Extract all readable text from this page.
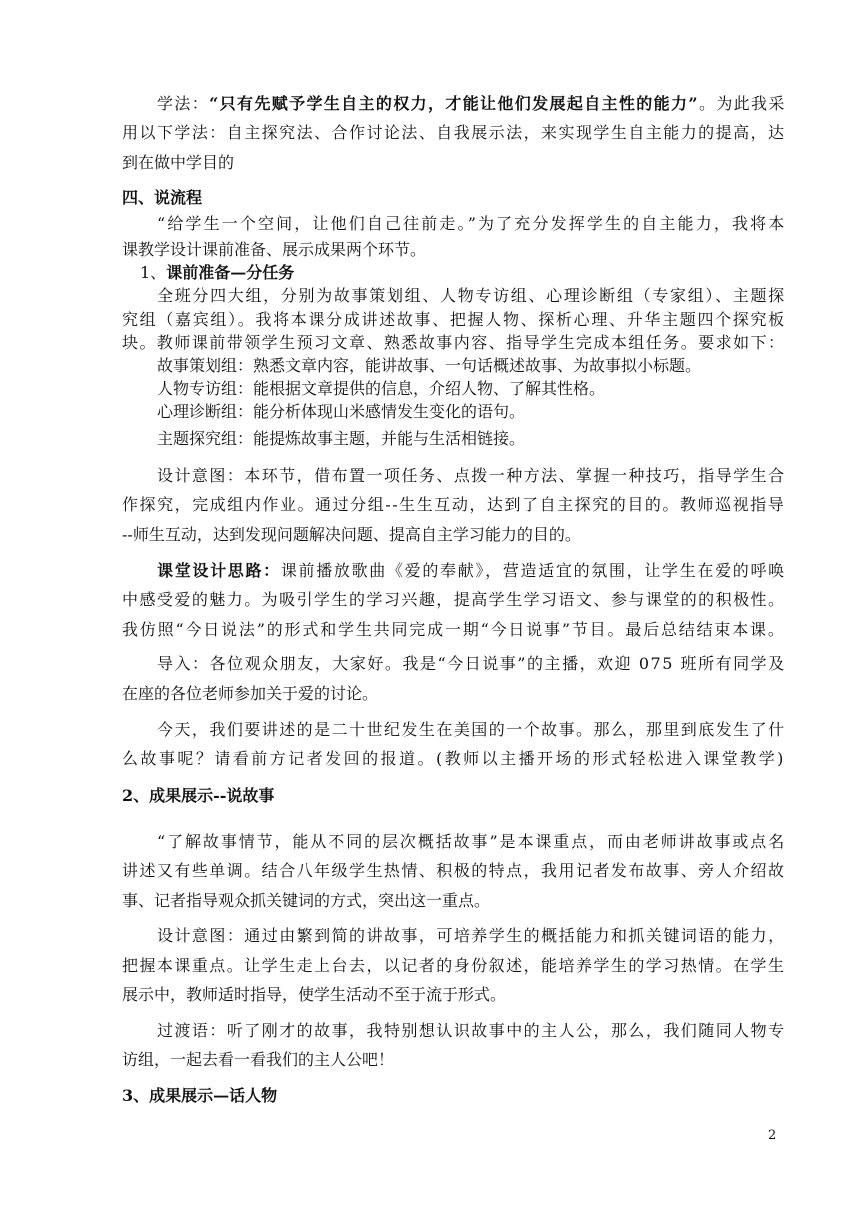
学法：“只有先赋予学生自主的权力，才能让他们发展起自主性的能力”。为此我采
用以下学法：自主探究法、合作讨论法、自我展示法，来实现学生自主能力的提高，达
到在做中学目的
四、说流程
“给学生一个空间，让他们自己往前走。”为了充分发挥学生的自主能力，我将本
课教学设计课前准备、展示成果两个环节。
1、课前准备—分任务
全班分四大组，分别为故事策划组、人物专访组、心理诊断组（专家组）、主题探
究组（嘉宾组）。我将本课分成讲述故事、把握人物、探析心理、升华主题四个探究板
块。教师课前带领学生预习文章、熟悉故事内容、指导学生完成本组任务。要求如下：
故事策划组：熟悉文章内容，能讲故事、一句话概述故事、为故事拟小标题。
人物专访组：能根据文章提供的信息，介绍人物、了解其性格。
心理诊断组：能分析体现山米感情发生变化的语句。
主题探究组：能提炼故事主题，并能与生活相链接。
设计意图：本环节，借布置一项任务、点拨一种方法、掌握一种技巧，指导学生合
作探究，完成组内作业。通过分组--生生互动，达到了自主探究的目的。教师巡视指导
--师生互动，达到发现问题解决问题、提高自主学习能力的目的。
课堂设计思路：课前播放歌曲《爱的奉献》，营造适宜的氛围，让学生在爱的呼唤
中感受爱的魅力。为吸引学生的学习兴趣，提高学生学习语文、参与课堂的的积极性。
我仿照“今日说法”的形式和学生共同完成一期“今日说事”节目。最后总结结束本课。
导入：各位观众朋友，大家好。我是“今日说事”的主播，欢迎 075 班所有同学及
在座的各位老师参加关于爱的讨论。
今天，我们要讲述的是二十世纪发生在美国的一个故事。那么，那里到底发生了什
么故事呢？请看前方记者发回的报道。(教师以主播开场的形式轻松进入课堂教学)
2、成果展示--说故事
“了解故事情节，能从不同的层次概括故事”是本课重点，而由老师讲故事或点名
讲述又有些单调。结合八年级学生热情、积极的特点，我用记者发布故事、旁人介绍故
事、记者指导观众抓关键词的方式，突出这一重点。
设计意图：通过由繁到简的讲故事，可培养学生的概括能力和抓关键词语的能力，
把握本课重点。让学生走上台去，以记者的身份叙述，能培养学生的学习热情。在学生
展示中，教师适时指导，使学生活动不至于流于形式。
过渡语：听了刚才的故事，我特别想认识故事中的主人公，那么，我们随同人物专
访组，一起去看一看我们的主人公吧！
3、成果展示—话人物
2
